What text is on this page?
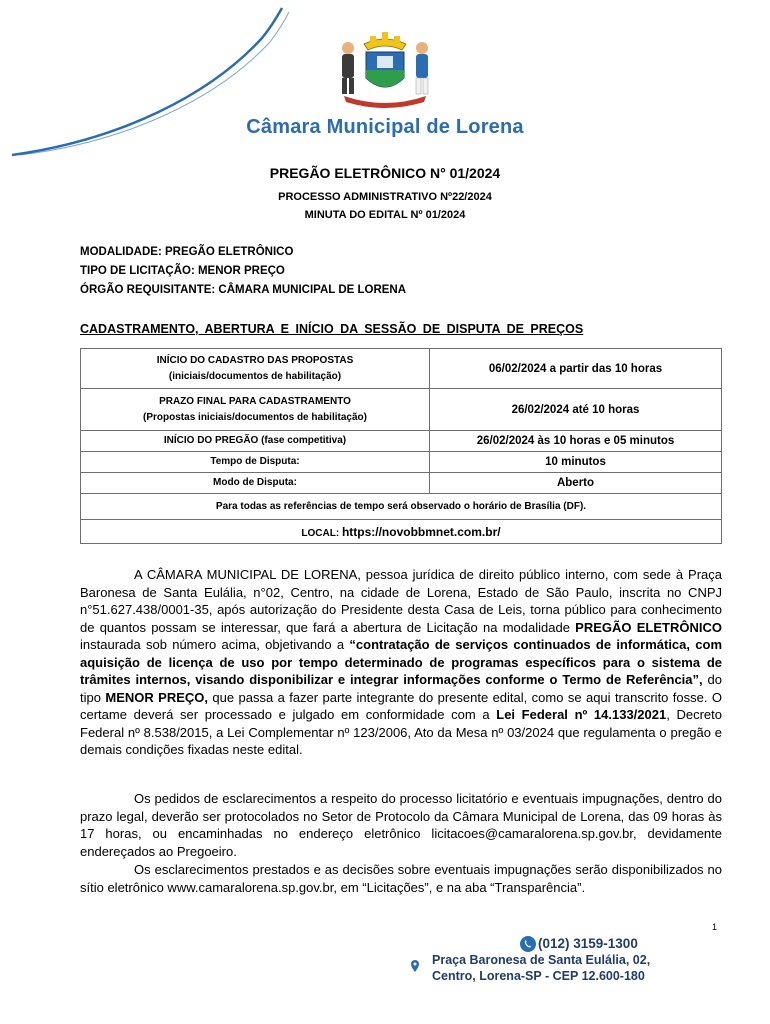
Câmara Municipal de Lorena
PREGÃO ELETRÔNICO N° 01/2024
PROCESSO ADMINISTRATIVO Nº22/2024
MINUTA DO EDITAL Nº 01/2024
MODALIDADE: PREGÃO ELETRÔNICO
TIPO DE LICITAÇÃO: MENOR PREÇO
ÓRGÃO REQUISITANTE: CÂMARA MUNICIPAL DE LORENA
CADASTRAMENTO, ABERTURA E INÍCIO DA SESSÃO DE DISPUTA DE PREÇOS
INÍCIO DO CADASTRO DAS PROPOSTAS
(iniciais/documentos de habilitação)	06/02/2024 a partir das 10 horas

PRAZO FINAL PARA CADASTRAMENTO
(Propostas iniciais/documentos de habilitação)	26/02/2024 até 10 horas
INÍCIO DO PREGÃO (fase competitiva)	26/02/2024 às 10 horas e 05 minutos
Tempo de Disputa:	10 minutos
Modo de Disputa:	Aberto
Para todas as referências de tempo será observado o horário de Brasília (DF).	
LOCAL: https://novobbmnet.com.br/	
A CÂMARA MUNICIPAL DE LORENA, pessoa jurídica de direito público interno, com sede à Praça Baronesa de Santa Eulália, n°02, Centro, na cidade de Lorena, Estado de São Paulo, inscrita no CNPJ n°51.627.438/0001-35, após autorização do Presidente desta Casa de Leis, torna público para conhecimento de quantos possam se interessar, que fará a abertura de Licitação na modalidade PREGÃO ELETRÔNICO instaurada sob número acima, objetivando a “contratação de serviços continuados de informática, com aquisição de licença de uso por tempo determinado de programas específicos para o sistema de trâmites internos, visando disponibilizar e integrar informações conforme o Termo de Referência”, do tipo MENOR PREÇO, que passa a fazer parte integrante do presente edital, como se aqui transcrito fosse. O certame deverá ser processado e julgado em conformidade com a Lei Federal nº 14.133/2021, Decreto Federal nº 8.538/2015, a Lei Complementar nº 123/2006, Ato da Mesa nº 03/2024 que regulamenta o pregão e demais condições fixadas neste edital.
Os pedidos de esclarecimentos a respeito do processo licitatório e eventuais impugnações, dentro do prazo legal, deverão ser protocolados no Setor de Protocolo da Câmara Municipal de Lorena, das 09 horas às 17 horas, ou encaminhadas no endereço eletrônico licitacoes@camaralorena.sp.gov.br, devidamente endereçados ao Pregoeiro.
Os esclarecimentos prestados e as decisões sobre eventuais impugnações serão disponibilizados no sítio eletrônico www.camaralorena.sp.gov.br, em “Licitações”, e na aba “Transparência”.
1
(012) 3159-1300
Praça Baronesa de Santa Eulália, 02,
Centro, Lorena-SP - CEP 12.600-180
